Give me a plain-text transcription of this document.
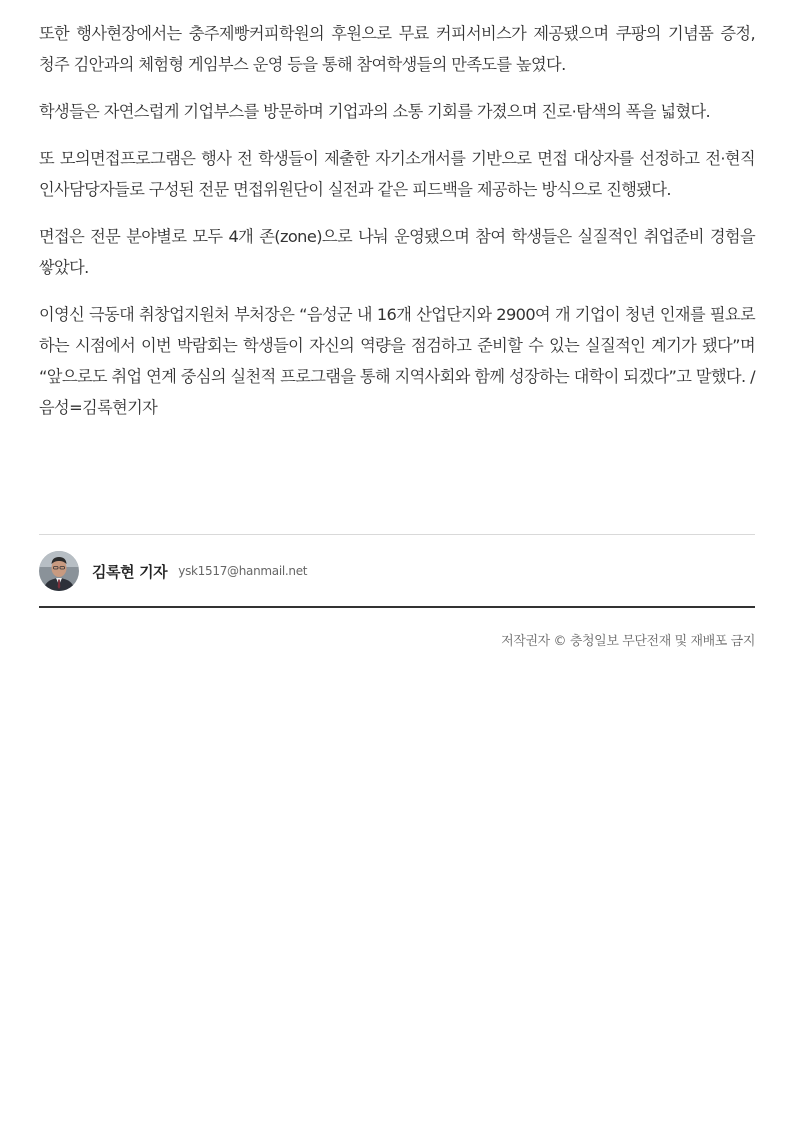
또한 행사현장에서는 충주제빵커피학원의 후원으로 무료 커피서비스가 제공됐으며 쿠팡의 기념품 증정, 청주 김안과의 체험형 게임부스 운영 등을 통해 참여학생들의 만족도를 높였다.

학생들은 자연스럽게 기업부스를 방문하며 기업과의 소통 기회를 가졌으며 진로·탐색의 폭을 넓혔다.

또 모의면접프로그램은 행사 전 학생들이 제출한 자기소개서를 기반으로 면접 대상자를 선정하고 전·현직 인사담당자들로 구성된 전문 면접위원단이 실전과 같은 피드백을 제공하는 방식으로 진행됐다.

면접은 전문 분야별로 모두 4개 존(zone)으로 나눠 운영됐으며 참여 학생들은 실질적인 취업준비 경험을 쌓았다.

이영신 극동대 취창업지원처 부처장은 “음성군 내 16개 산업단지와 2900여 개 기업이 청년 인재를 필요로 하는 시점에서 이번 박람회는 학생들이 자신의 역량을 점검하고 준비할 수 있는 실질적인 계기가 됐다”며 “앞으로도 취업 연계 중심의 실천적 프로그램을 통해 지역사회와 함께 성장하는 대학이 되겠다”고 말했다. /음성=김록현기자

김록현 기자 ysk1517@hanmail.net
저작권자 © 충청일보 무단전재 및 재배포 금지
